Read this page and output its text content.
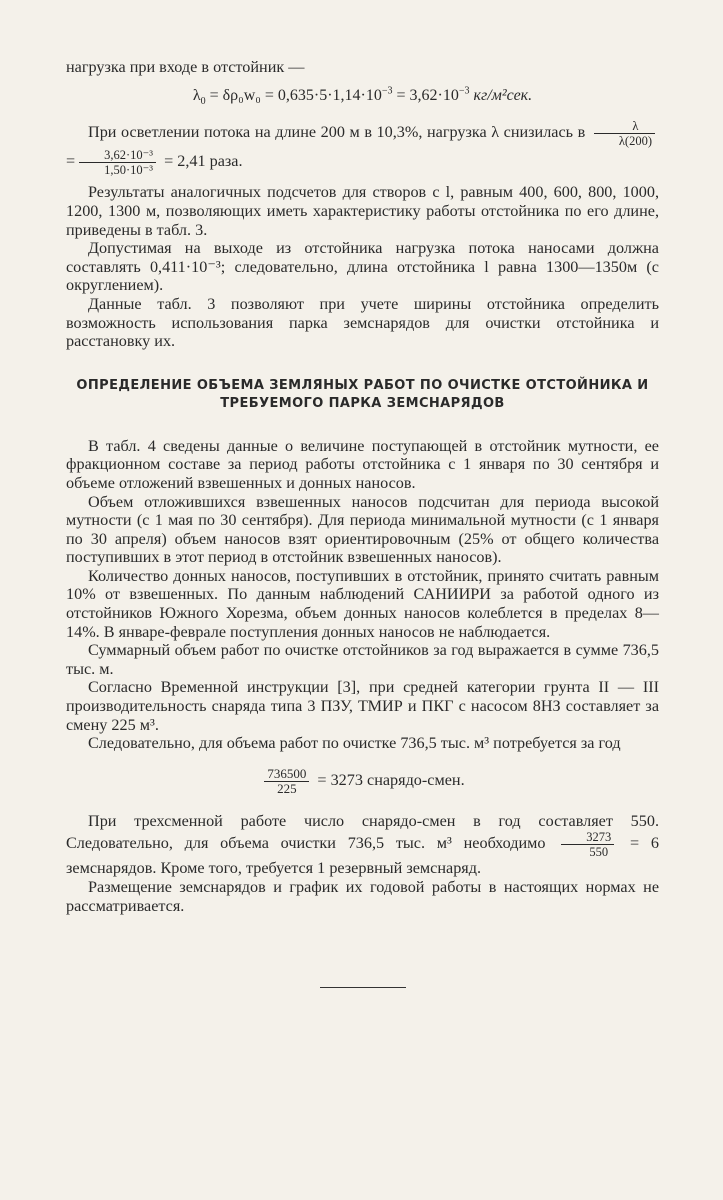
нагрузка при входе в отстойник —

$\lambda_0 = \delta\rho_0w_0 = 0,635\cdot 5\cdot 1,14\cdot 10^{-3} = 3,62\cdot 10^{-3}$ кг/м²сек.

При осветлении потока на длине 200 м в 10,3%, нагрузка λ снизилась в $\frac{\lambda}{\lambda(200)}$
= $\frac{\text{3,62·10⁻³}}{\text{1,50·10⁻³}} = 2,41$ раза.

Результаты аналогичных подсчетов для створов с l, равным 400, 600, 800, 1000, 1200, 1300 м, позволяющих иметь характеристику работы отстойника по его длине, приведены в табл. 3.

Допустимая на выходе из отстойника нагрузка потока наносами должна составлять 0,411·10⁻³; следовательно, длина отстойника l равна 1300—1350м (с округлением).

Данные табл. 3 позволяют при учете ширины отстойника определить возможность использования парка земснарядов для очистки отстойника и расстановку их.

ОПРЕДЕЛЕНИЕ ОБЪЕМА ЗЕМЛЯНЫХ РАБОТ ПО ОЧИСТКЕ ОТСТОЙНИКА И ТРЕБУЕМОГО ПАРКА ЗЕМСНАРЯДОВ

В табл. 4 сведены данные о величине поступающей в отстойник мутности, ее фракционном составе за период работы отстойника с 1 января по 30 сентября и объеме отложений взвешенных и донных наносов.

Объем отложившихся взвешенных наносов подсчитан для периода высокой мутности (с 1 мая по 30 сентября). Для периода минимальной мутности (с 1 января по 30 апреля) объем наносов взят ориентировочным (25% от общего количества поступивших в этот период в отстойник взвешенных наносов).

Количество донных наносов, поступивших в отстойник, принято считать равным 10% от взвешенных. По данным наблюдений САНИИРИ за работой одного из отстойников Южного Хорезма, объем донных наносов колеблется в пределах 8—14%. В январе-феврале поступления донных наносов не наблюдается.

Суммарный объем работ по очистке отстойников за год выражается в сумме 736,5 тыс. м.

Согласно Временной инструкции [3], при средней категории грунта II — III производительность снаряда типа 3 ПЗУ, ТМИР и ПКГ с насосом 8НЗ составляет за смену 225 м³.

Следовательно, для объема работ по очистке 736,5 тыс. м³ потребуется за год

$\frac{736500}{225} = 3273$ снарядо-смен.

При трехсменной работе число снарядо-смен в год составляет 550. Следовательно, для объема очистки 736,5 тыс. м³ необходимо $\frac{3273}{550} = 6$ земснарядов. Кроме того, требуется 1 резервный земснаряд.

Размещение земснарядов и график их годовой работы в настоящих нормах не рассматривается.
